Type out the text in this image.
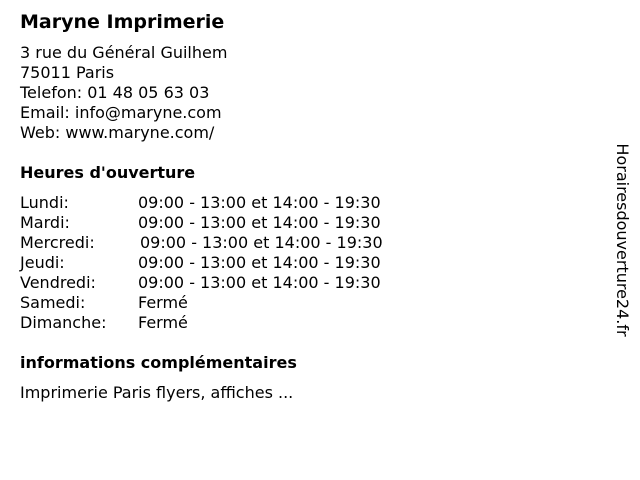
Maryne Imprimerie
3 rue du Général Guilhem
75011 Paris
Telefon: 01 48 05 63 03
Email: info@maryne.com
Web: www.maryne.com/
Heures d'ouverture
Lundi:	09:00 - 13:00 et 14:00 - 19:30
Mardi:	09:00 - 13:00 et 14:00 - 19:30
Mercredi:	09:00 - 13:00 et 14:00 - 19:30
Jeudi:	09:00 - 13:00 et 14:00 - 19:30
Vendredi:	09:00 - 13:00 et 14:00 - 19:30
Samedi:	Fermé
Dimanche: Fermé
informations complémentaires
Imprimerie Paris flyers, affiches ...
Horairesdouverture24.fr
